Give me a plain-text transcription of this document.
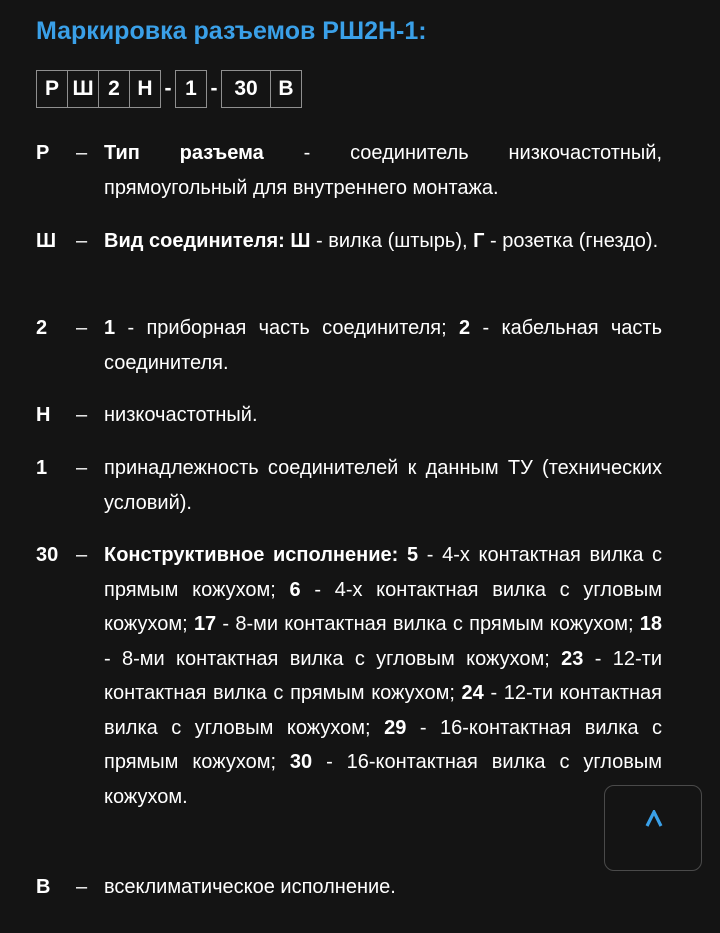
Маркировка разъемов РШ2Н-1:
Р Ш 2 Н - 1 - 30 В
Р	– Тип разъема - соединитель низкочастотный, прямоугольный для внутреннего монтажа.
Ш – Вид соединителя: Ш - вилка (штырь), Г - розетка (гнездо).
2	– 1 - приборная часть соединителя; 2 - кабельная часть соединителя.
Н	– низкочастотный.
1	– принадлежность соединителей к данным ТУ (технических условий).
30 – Конструктивное исполнение: 5 - 4-х контактная вилка с прямым кожухом; 6 - 4-х контактная вилка с угловым кожухом; 17 - 8-ми контактная вилка с прямым кожухом; 18 - 8-ми контактная вилка с угловым кожухом; 23 - 12-ти контактная вилка с прямым кожухом; 24 - 12-ти контактная вилка с угловым кожухом; 29 - 16-контактная вилка с прямым кожухом; 30 - 16-контактная вилка с угловым кожухом.
В	– всеклиматическое исполнение.
